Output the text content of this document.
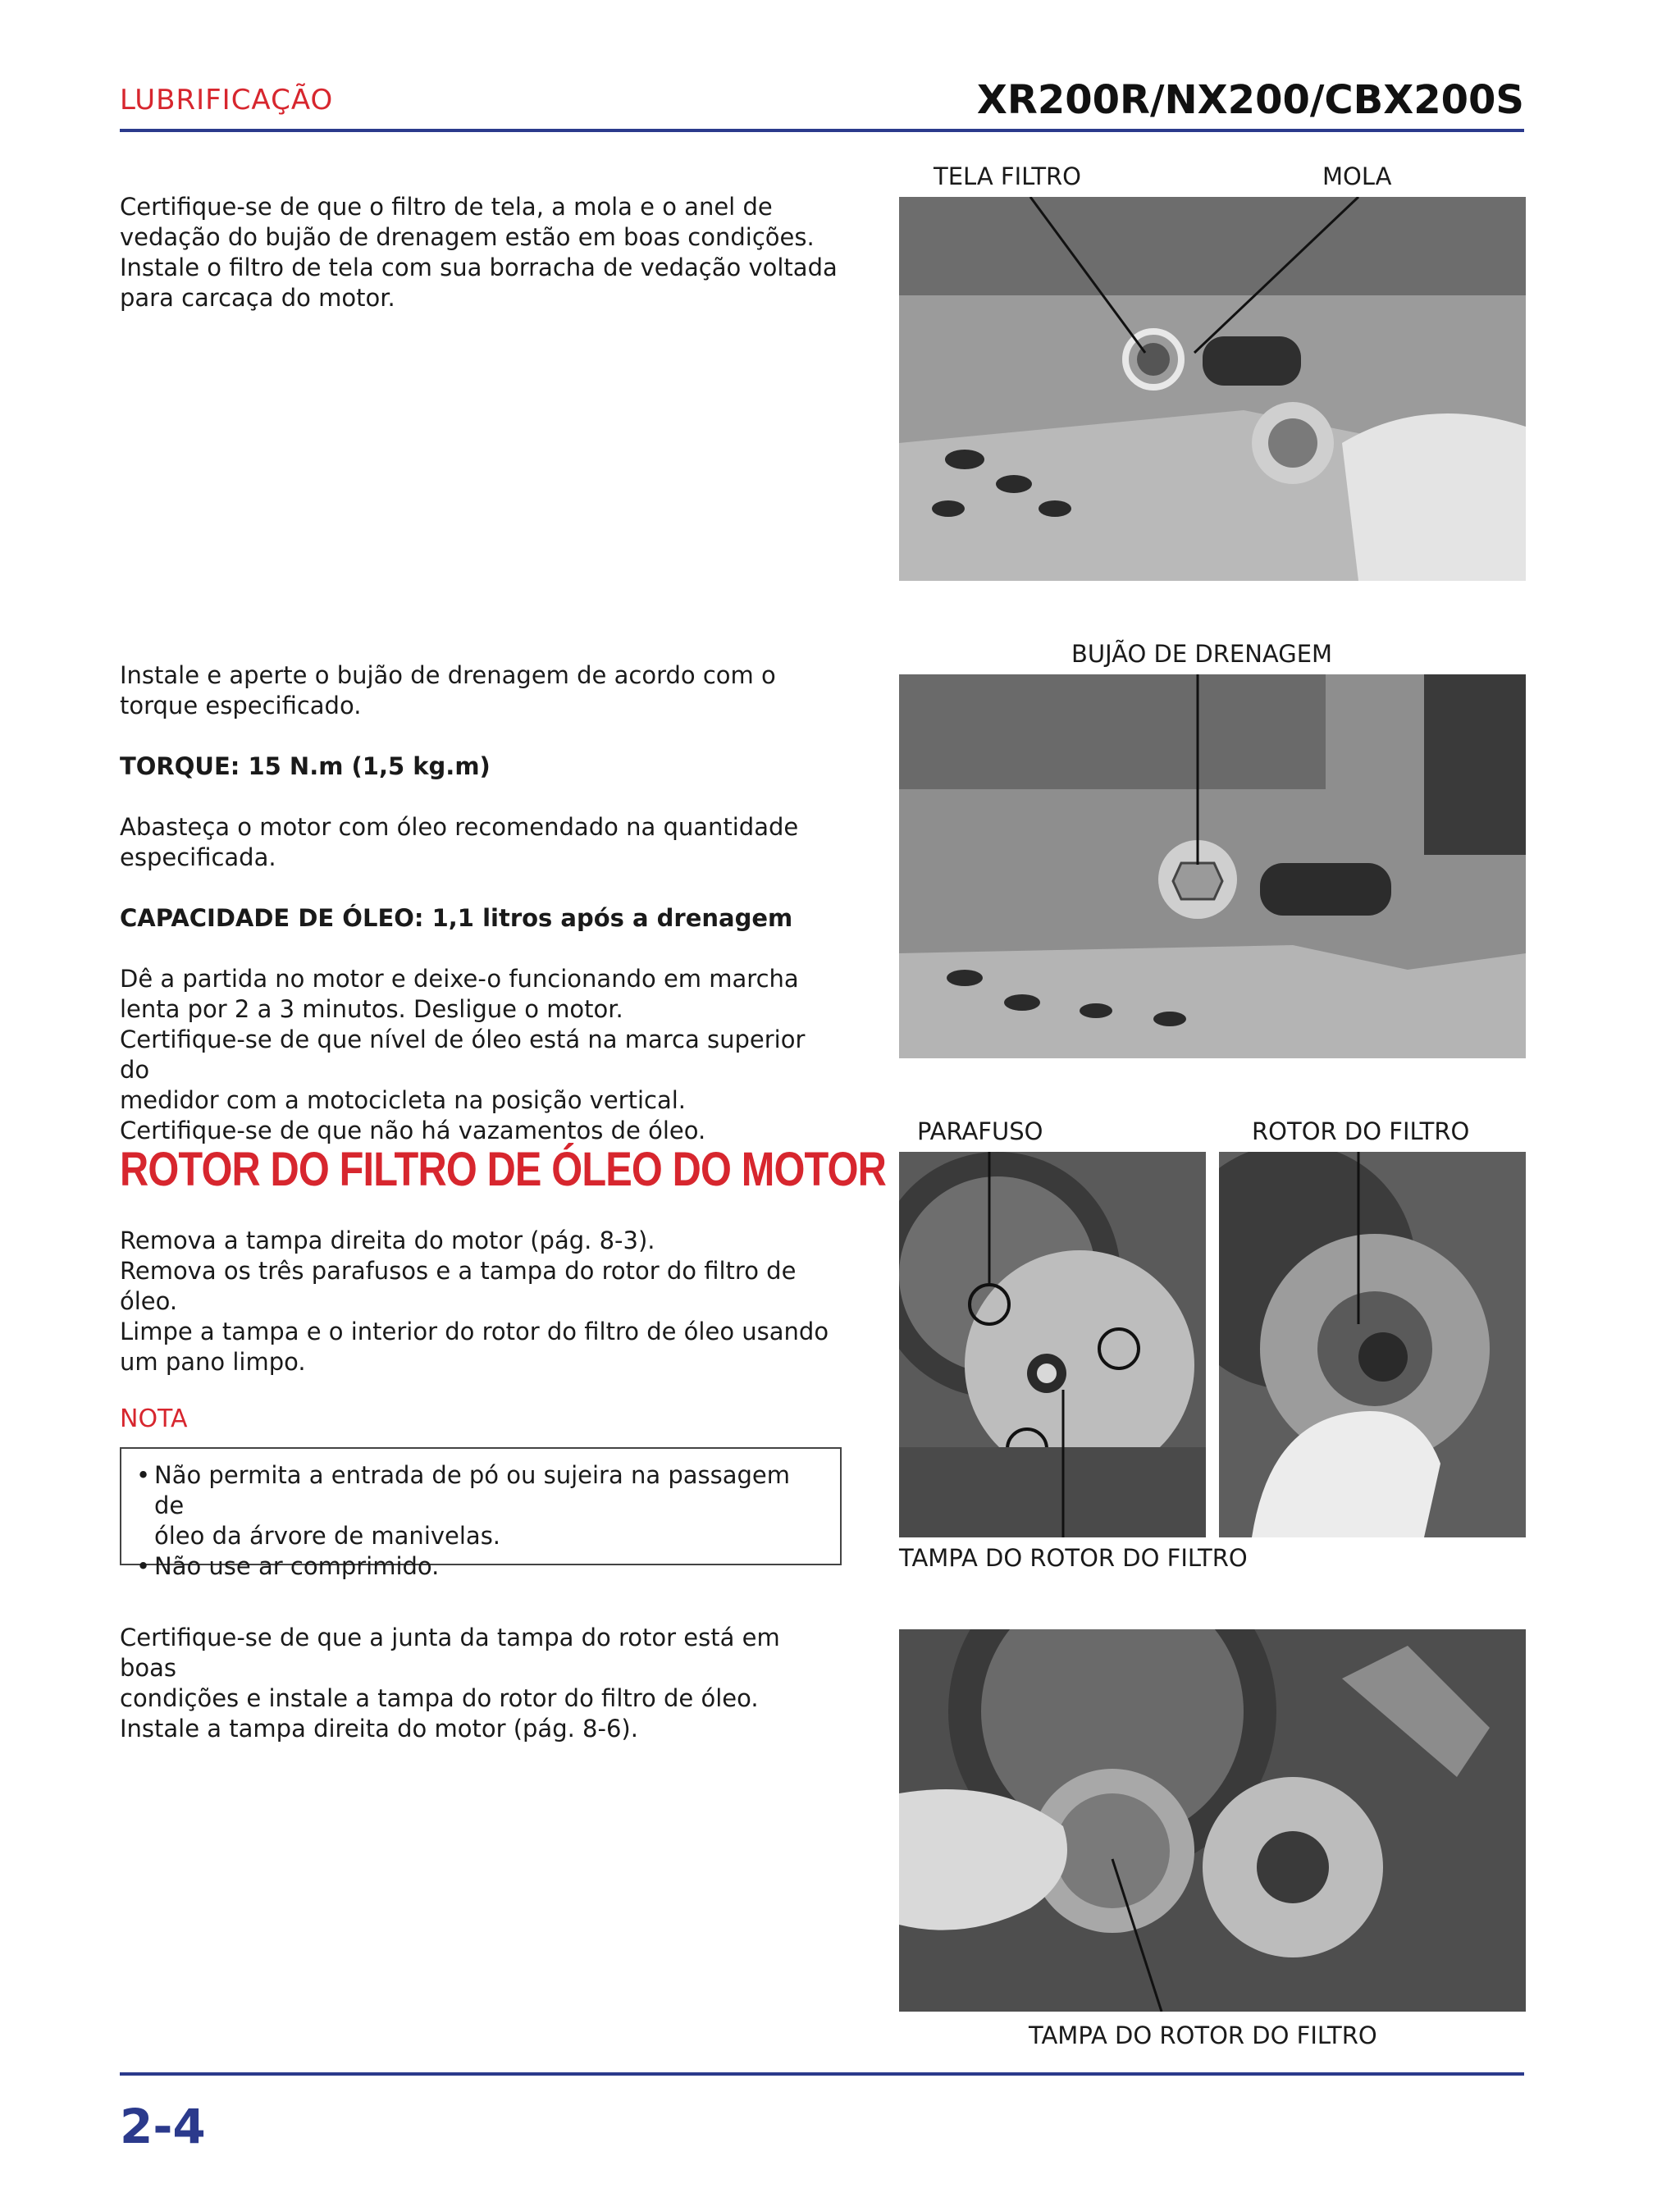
LUBRIFICAÇÃO	XR200R/NX200/CBX200S
Certifique-se de que o filtro de tela, a mola e o anel de
vedação do bujão de drenagem estão em boas condições.
Instale o filtro de tela com sua borracha de vedação voltada
para carcaça do motor.
TELA FILTRO	MOLA
BUJÃO DE DRENAGEM

Instale e aperte o bujão de drenagem de acordo com o
torque especificado.

TORQUE: 15 N.m (1,5 kg.m)

Abasteça o motor com óleo recomendado na quantidade
especificada.

CAPACIDADE DE ÓLEO: 1,1 litros após a drenagem

Dê a partida no motor e deixe-o funcionando em marcha
lenta por 2 a 3 minutos. Desligue o motor.
Certifique-se de que nível de óleo está na marca superior do
medidor com a motocicleta na posição vertical.
Certifique-se de que não há vazamentos de óleo.

ROTOR DO FILTRO DE ÓLEO DO MOTOR
Remova a tampa direita do motor (pág. 8-3).
Remova os três parafusos e a tampa do rotor do filtro de
óleo.
Limpe a tampa e o interior do rotor do filtro de óleo usando
um pano limpo.
NOTA
• Não permita a entrada de pó ou sujeira na passagem de
óleo da árvore de manivelas.
• Não use ar comprimido.
PARAFUSO	ROTOR DO FILTRO
TAMPA DO ROTOR DO FILTRO
Certifique-se de que a junta da tampa do rotor está em boas
condições e instale a tampa do rotor do filtro de óleo.
Instale a tampa direita do motor (pág. 8-6).
TAMPA DO ROTOR DO FILTRO
2-4
